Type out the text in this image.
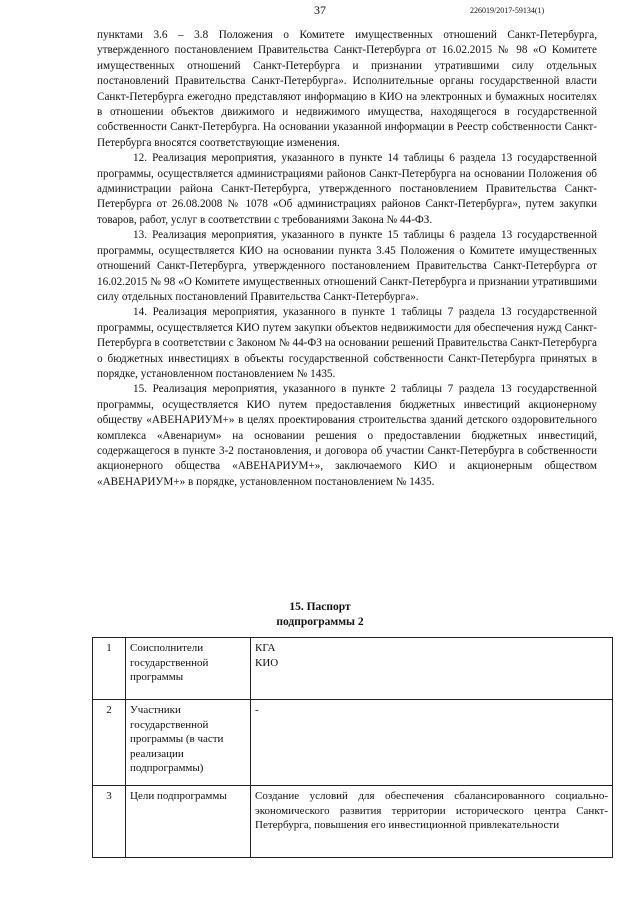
37	226019/2017-59134(1)

пунктами 3.6 – 3.8 Положения о Комитете имущественных отношений Санкт-Петербурга, утвержденного постановлением Правительства Санкт-Петербурга от 16.02.2015 № 98 «О Комитете имущественных отношений Санкт-Петербурга и признании утратившими силу отдельных постановлений Правительства Санкт-Петербурга». Исполнительные органы государственной власти Санкт-Петербурга ежегодно представляют информацию в КИО на электронных и бумажных носителях в отношении объектов движимого и недвижимого имущества, находящегося в государственной собственности Санкт-Петербурга. На основании указанной информации в Реестр собственности Санкт-Петербурга вносятся соответствующие изменения.

12. Реализация мероприятия, указанного в пункте 14 таблицы 6 раздела 13 государственной программы, осуществляется администрациями районов Санкт-Петербурга на основании Положения об администрации района Санкт-Петербурга, утвержденного постановлением Правительства Санкт-Петербурга от 26.08.2008 № 1078 «Об администрациях районов Санкт-Петербурга», путем закупки товаров, работ, услуг в соответствии с требованиями Закона № 44-ФЗ.

13. Реализация мероприятия, указанного в пункте 15 таблицы 6 раздела 13 государственной программы, осуществляется КИО на основании пункта 3.45 Положения о Комитете имущественных отношений Санкт-Петербурга, утвержденного постановлением Правительства Санкт-Петербурга от 16.02.2015 № 98 «О Комитете имущественных отношений Санкт-Петербурга и признании утратившими силу отдельных постановлений Правительства Санкт-Петербурга».

14. Реализация мероприятия, указанного в пункте 1 таблицы 7 раздела 13 государственной программы, осуществляется КИО путем закупки объектов недвижимости для обеспечения нужд Санкт-Петербурга в соответствии с Законом № 44-ФЗ на основании решений Правительства Санкт-Петербурга о бюджетных инвестициях в объекты государственной собственности Санкт-Петербурга принятых в порядке, установленном постановлением № 1435.

15. Реализация мероприятия, указанного в пункте 2 таблицы 7 раздела 13 государственной программы, осуществляется КИО путем предоставления бюджетных инвестиций акционерному обществу «АВЕНАРИУМ+» в целях проектирования строительства зданий детского оздоровительного комплекса «Авенариум» на основании решения о предоставлении бюджетных инвестиций, содержащегося в пункте 3-2 постановления, и договора об участии Санкт-Петербурга в собственности акционерного общества «АВЕНАРИУМ+», заключаемого КИО и акционерным обществом «АВЕНАРИУМ+» в порядке, установленном постановлением № 1435.

15. Паспорт
подпрограммы 2
1	Соисполнители государственной программы	КГА
КИО

2	Участники государственной программы (в части реализации подпрограммы)	-

3	Цели подпрограммы	Создание условий для обеспечения сбалансированного социально-экономического развития территории исторического центра Санкт-Петербурга, повышения его инвестиционной привлекательности
